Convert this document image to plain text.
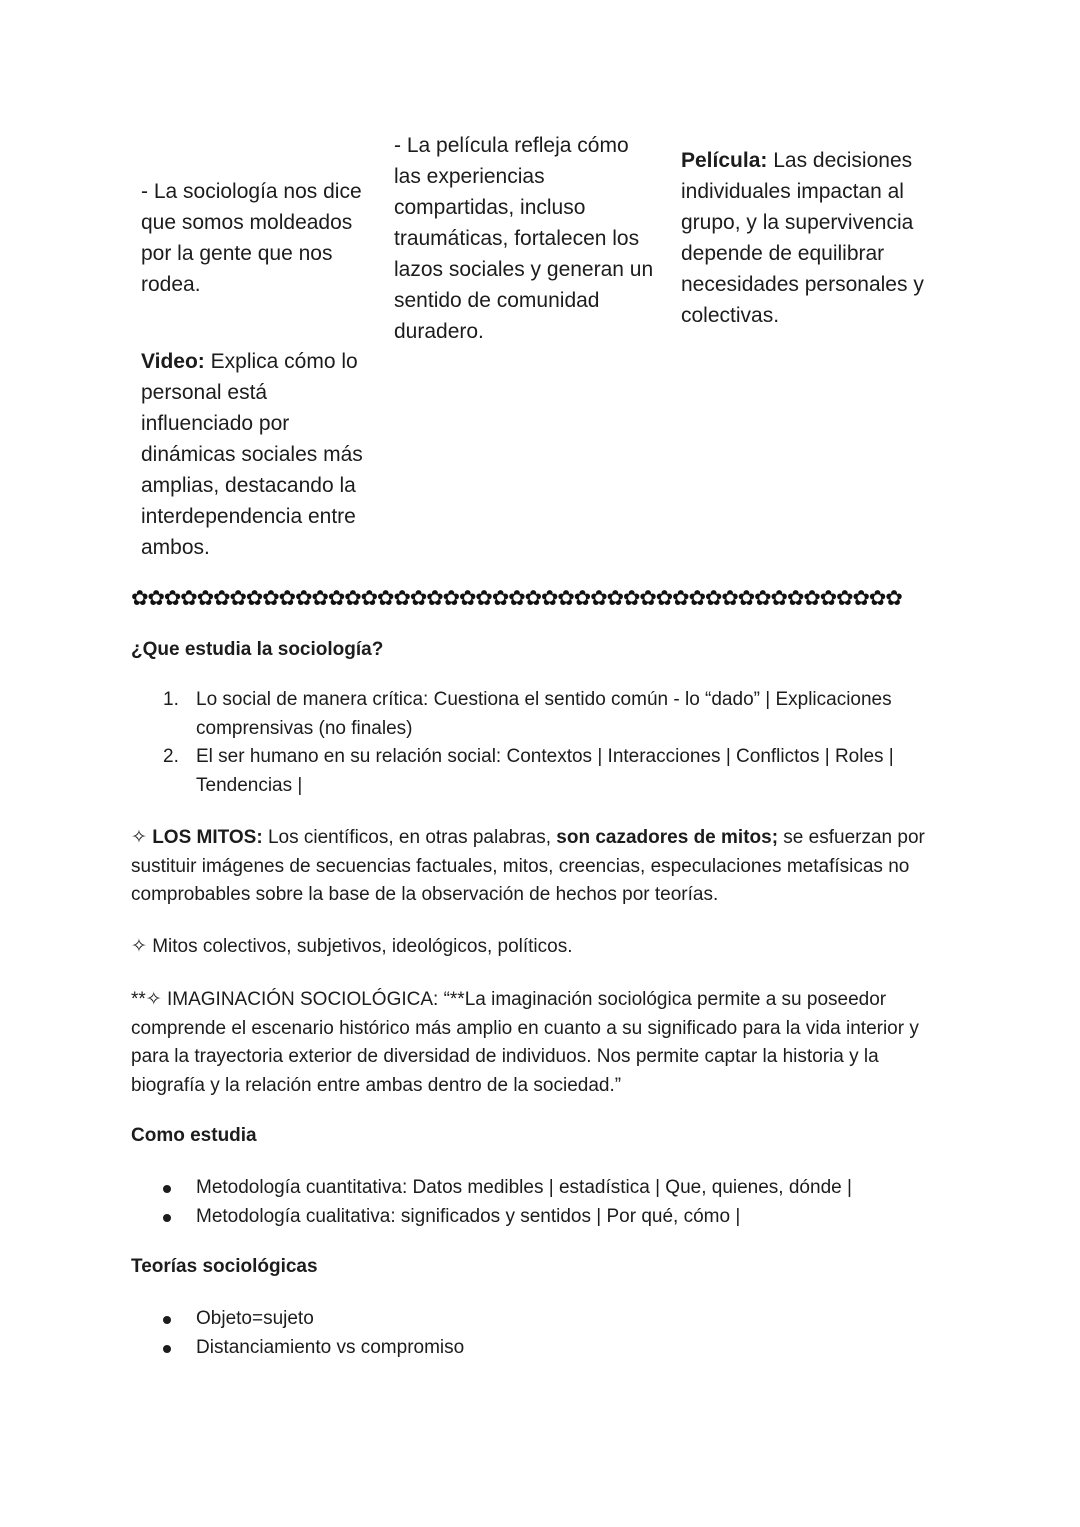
- La sociología nos dice que somos moldeados por la gente que nos rodea.

Video: Explica cómo lo personal está influenciado por dinámicas sociales más amplias, destacando la interdependencia entre ambos.

- La película refleja cómo las experiencias compartidas, incluso traumáticas, fortalecen los lazos sociales y generan un sentido de comunidad duradero.

Película: Las decisiones individuales impactan al grupo, y la supervivencia depende de equilibrar necesidades personales y colectivas.

✿✿✿✿✿✿✿✿✿✿✿✿✿✿✿✿✿✿✿✿✿✿✿✿✿✿✿✿✿✿✿✿✿✿✿✿✿✿✿✿✿✿✿✿✿✿✿
¿Que estudia la sociología?
1. Lo social de manera crítica: Cuestiona el sentido común - lo “dado” | Explicaciones comprensivas (no finales)
2. El ser humano en su relación social: Contextos | Interacciones | Conflictos | Roles | Tendencias |

✧ LOS MITOS: Los científicos, en otras palabras, son cazadores de mitos; se esfuerzan por sustituir imágenes de secuencias factuales, mitos, creencias, especulaciones metafísicas no comprobables sobre la base de la observación de hechos por teorías.

✧ Mitos colectivos, subjetivos, ideológicos, políticos.

**✧ IMAGINACIÓN SOCIOLÓGICA: “**La imaginación sociológica permite a su poseedor comprende el escenario histórico más amplio en cuanto a su significado para la vida interior y para la trayectoria exterior de diversidad de individuos. Nos permite captar la historia y la biografía y la relación entre ambas dentro de la sociedad.”

Como estudia
Metodología cuantitativa: Datos medibles | estadística | Que, quienes, dónde |
Metodología cualitativa: significados y sentidos | Por qué, cómo |
Teorías sociológicas
Objeto=sujeto
Distanciamiento vs compromiso
